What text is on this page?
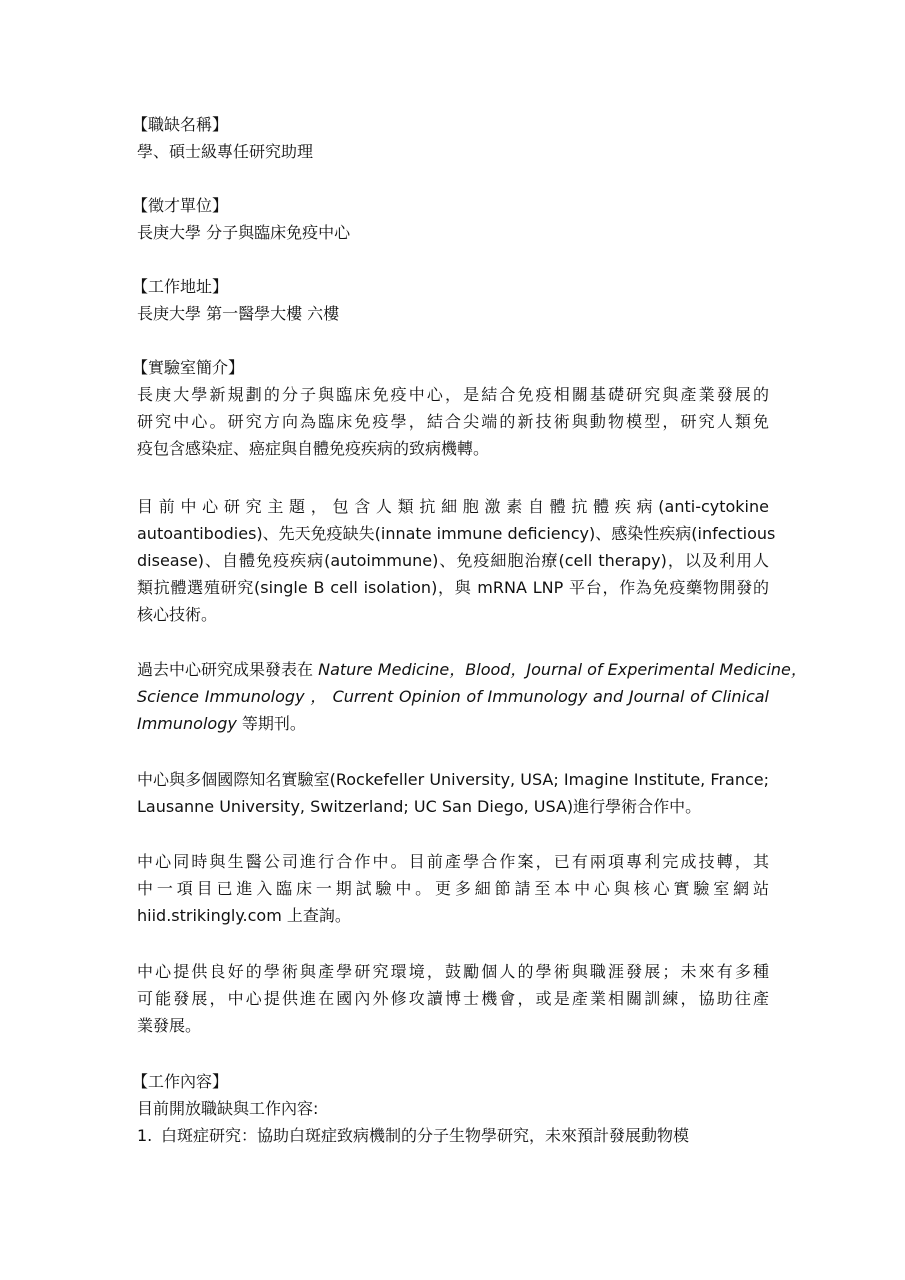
【職缺名稱】
學、碩士級專任研究助理
【徵才單位】
長庚大學 分子與臨床免疫中心
【工作地址】
長庚大學 第一醫學大樓 六樓
【實驗室簡介】
長庚大學新規劃的分子與臨床免疫中心，是結合免疫相關基礎研究與產業發展的
研究中心。研究方向為臨床免疫學，結合尖端的新技術與動物模型，研究人類免
疫包含感染症、癌症與自體免疫疾病的致病機轉。
目前中心研究主題，包含人類抗細胞激素自體抗體疾病(anti-cytokine
autoantibodies)、先天免疫缺失(innate immune deficiency)、感染性疾病(infectious
disease)、自體免疫疾病(autoimmune)、免疫細胞治療(cell therapy)，以及利用人
類抗體選殖研究(single B cell isolation)，與 mRNA LNP 平台，作為免疫藥物開發的
核心技術。
過去中心研究成果發表在 Nature Medicine，Blood，Journal of Experimental Medicine，
Science Immunology ， Current Opinion of Immunology and Journal of Clinical
Immunology 等期刊。
中心與多個國際知名實驗室(Rockefeller University, USA; Imagine Institute, France;
Lausanne University, Switzerland; UC San Diego, USA)進行學術合作中。
中心同時與生醫公司進行合作中。目前產學合作案，已有兩項專利完成技轉，其
中一項目已進入臨床一期試驗中。更多細節請至本中心與核心實驗室網站
hiid.strikingly.com 上查詢。
中心提供良好的學術與產學研究環境，鼓勵個人的學術與職涯發展；未來有多種
可能發展，中心提供進在國內外修攻讀博士機會，或是產業相關訓練，協助往產
業發展。
【工作內容】
目前開放職缺與工作內容:
1. 白斑症研究：協助白斑症致病機制的分子生物學研究，未來預計發展動物模
